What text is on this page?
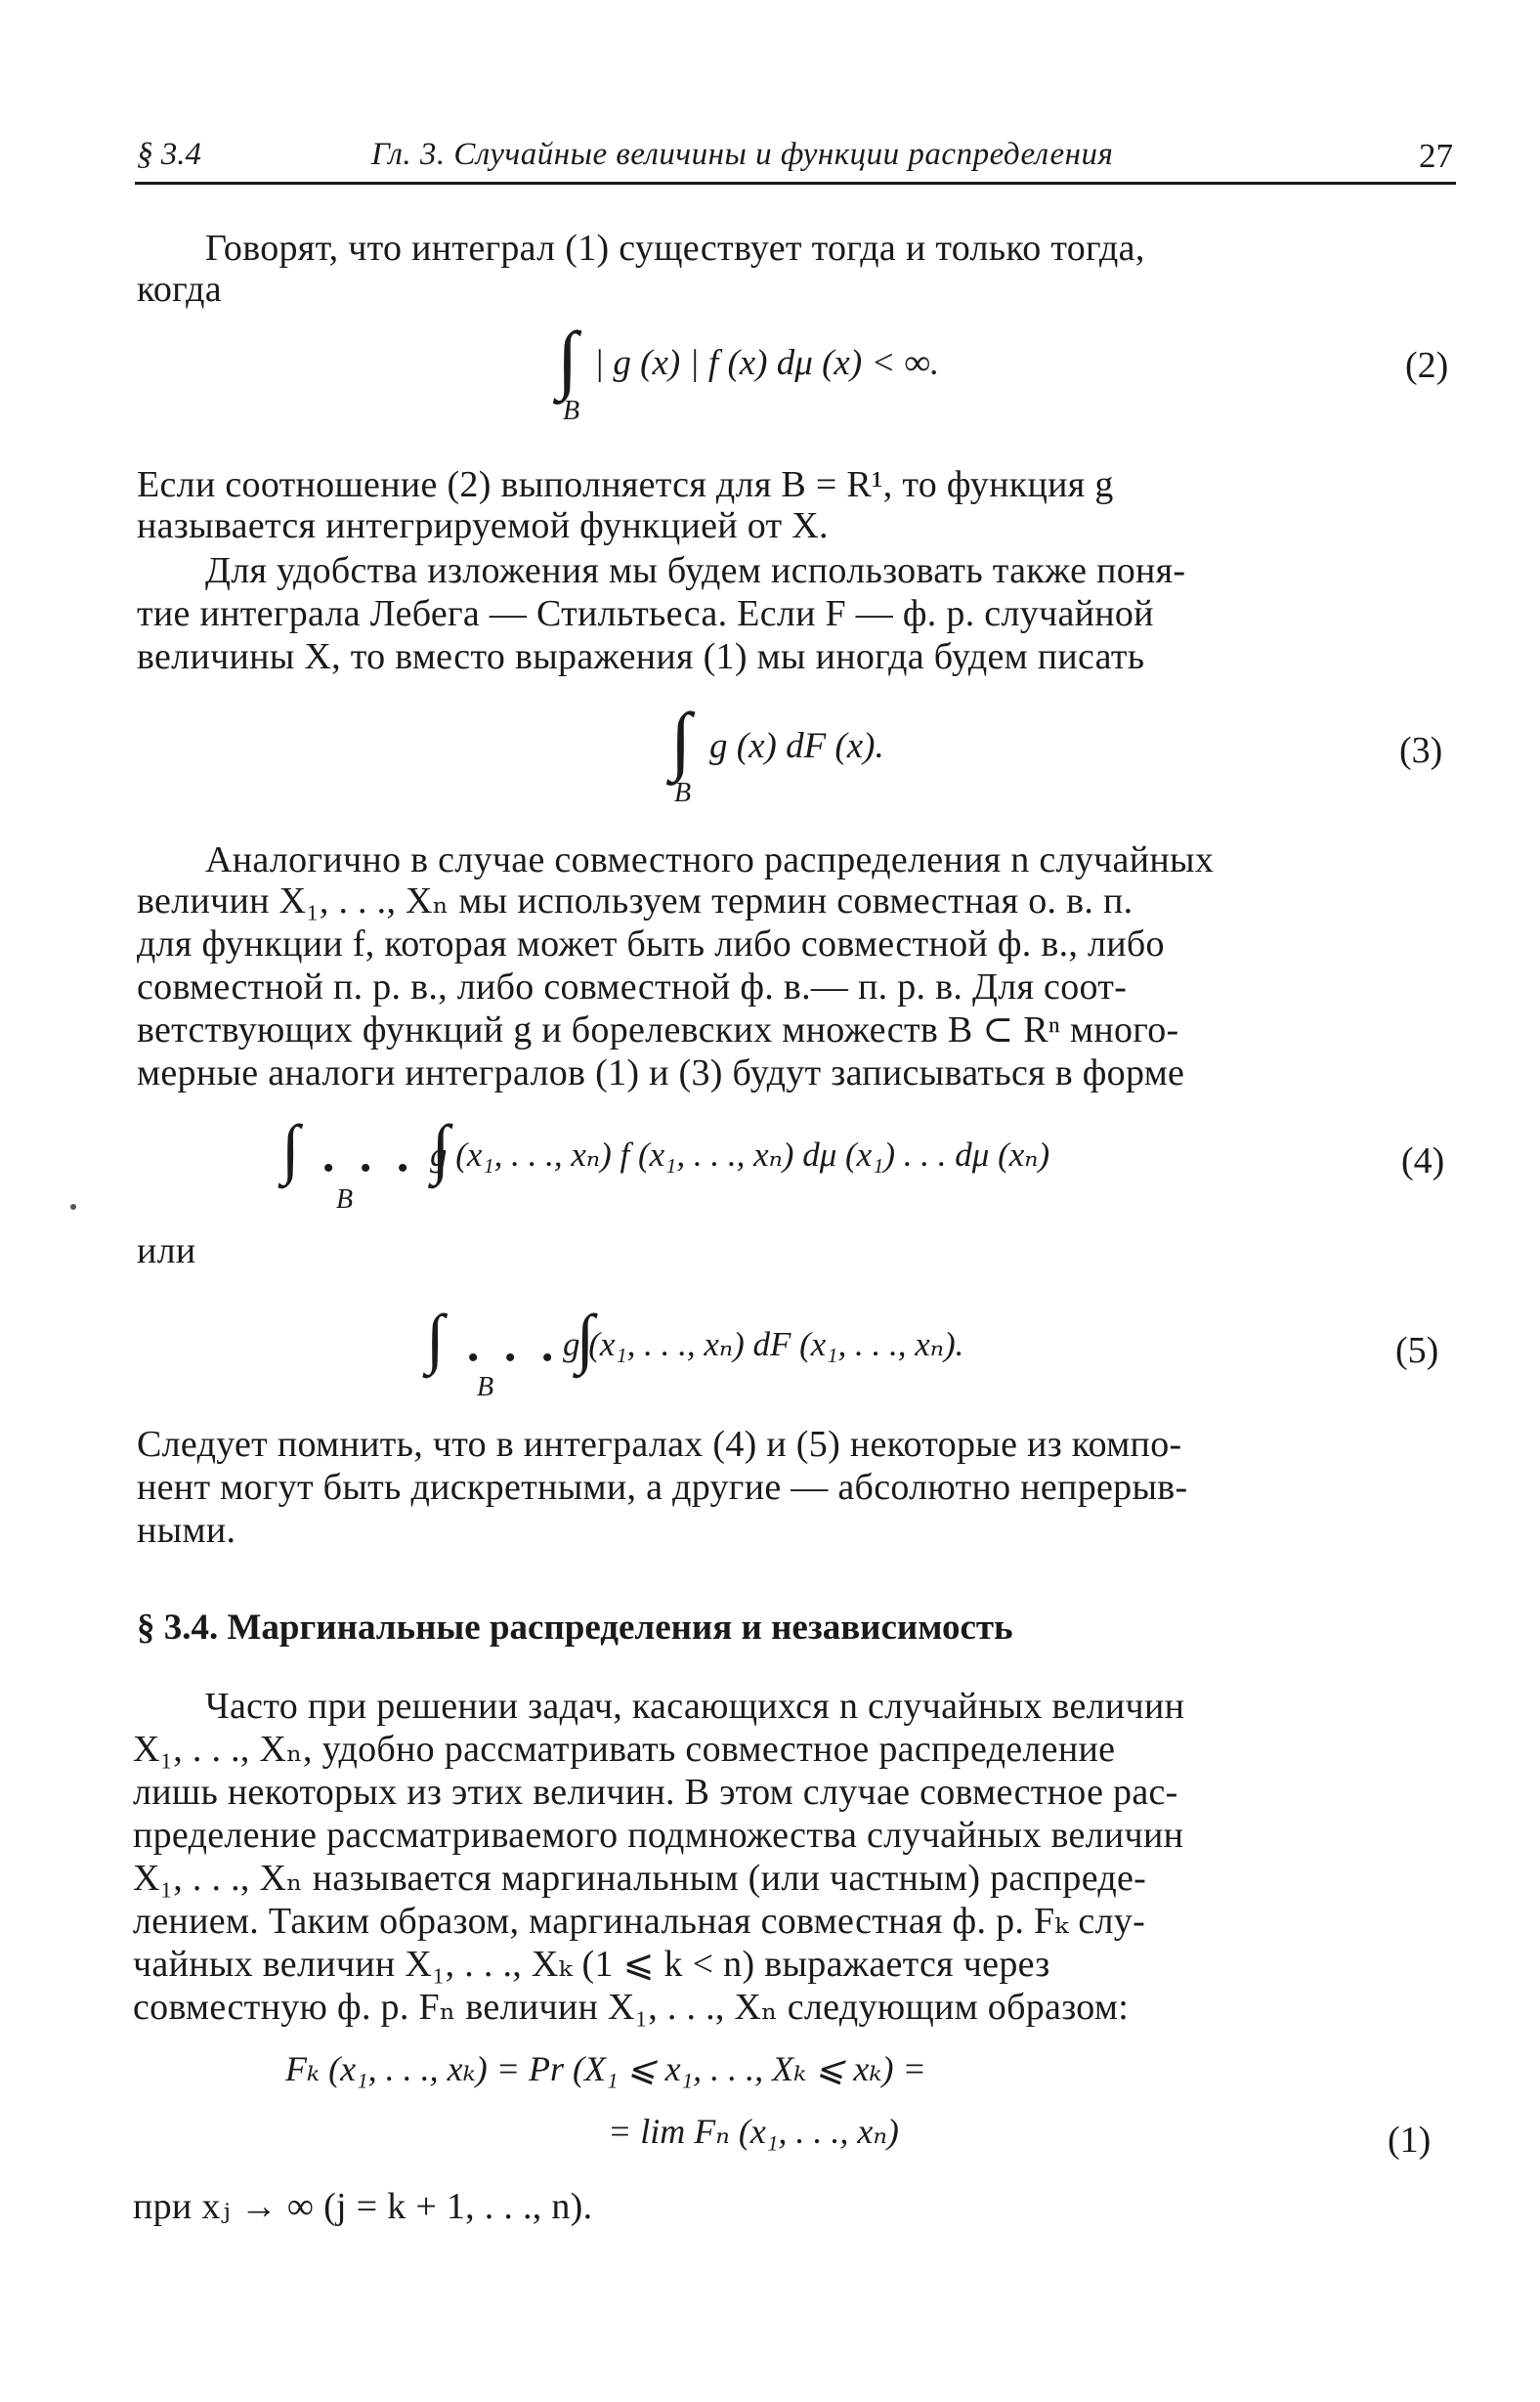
§ 3.4	Гл. 3. Случайные величины и функции распределения	27
Говорят, что интеграл (1) существует тогда и только тогда,
когда
∫
B
| g (x) | f (x) dμ (x) < ∞.	(2)
Если соотношение (2) выполняется для B = R¹, то функция g
называется интегрируемой функцией от X.
Для удобства изложения мы будем использовать также поня-
тие интеграла Лебега — Стильтьеса. Если F — ф. р. случайной
величины X, то вместо выражения (1) мы иногда будем писать
∫
B
g (x) dF (x).	(3)
Аналогично в случае совместного распределения n случайных
величин X₁, . . ., Xₙ мы используем термин совместная о. в. п.
для функции f, которая может быть либо совместной ф. в., либо
совместной п. р. в., либо совместной ф. в.— п. р. в. Для соот-
ветствующих функций g и борелевских множеств B ⊂ Rⁿ много-
мерные аналоги интегралов (1) и (3) будут записываться в форме
∫ . . . ∫
B
g (x₁, . . ., xₙ) f (x₁, . . ., xₙ) dμ (x₁) . . . dμ (xₙ)	(4)
или
∫ . . . ∫
B
g (x₁, . . ., xₙ) dF (x₁, . . ., xₙ).	(5)
Следует помнить, что в интегралах (4) и (5) некоторые из компо-
нент могут быть дискретными, а другие — абсолютно непрерыв-
ными.
§ 3.4. Маргинальные распределения и независимость
Часто при решении задач, касающихся n случайных величин
X₁, . . ., Xₙ, удобно рассматривать совместное распределение
лишь некоторых из этих величин. В этом случае совместное рас-
пределение рассматриваемого подмножества случайных величин
X₁, . . ., Xₙ называется маргинальным (или частным) распреде-
лением. Таким образом, маргинальная совместная ф. р. Fₖ слу-
чайных величин X₁, . . ., Xₖ (1 ⩽ k < n) выражается через
совместную ф. р. Fₙ величин X₁, . . ., Xₙ следующим образом:
Fₖ (x₁, . . ., xₖ) = Pr (X₁ ⩽ x₁, . . ., Xₖ ⩽ xₖ) =
= lim Fₙ (x₁, . . ., xₙ)	(1)
при xⱼ → ∞ (j = k + 1, . . ., n).
